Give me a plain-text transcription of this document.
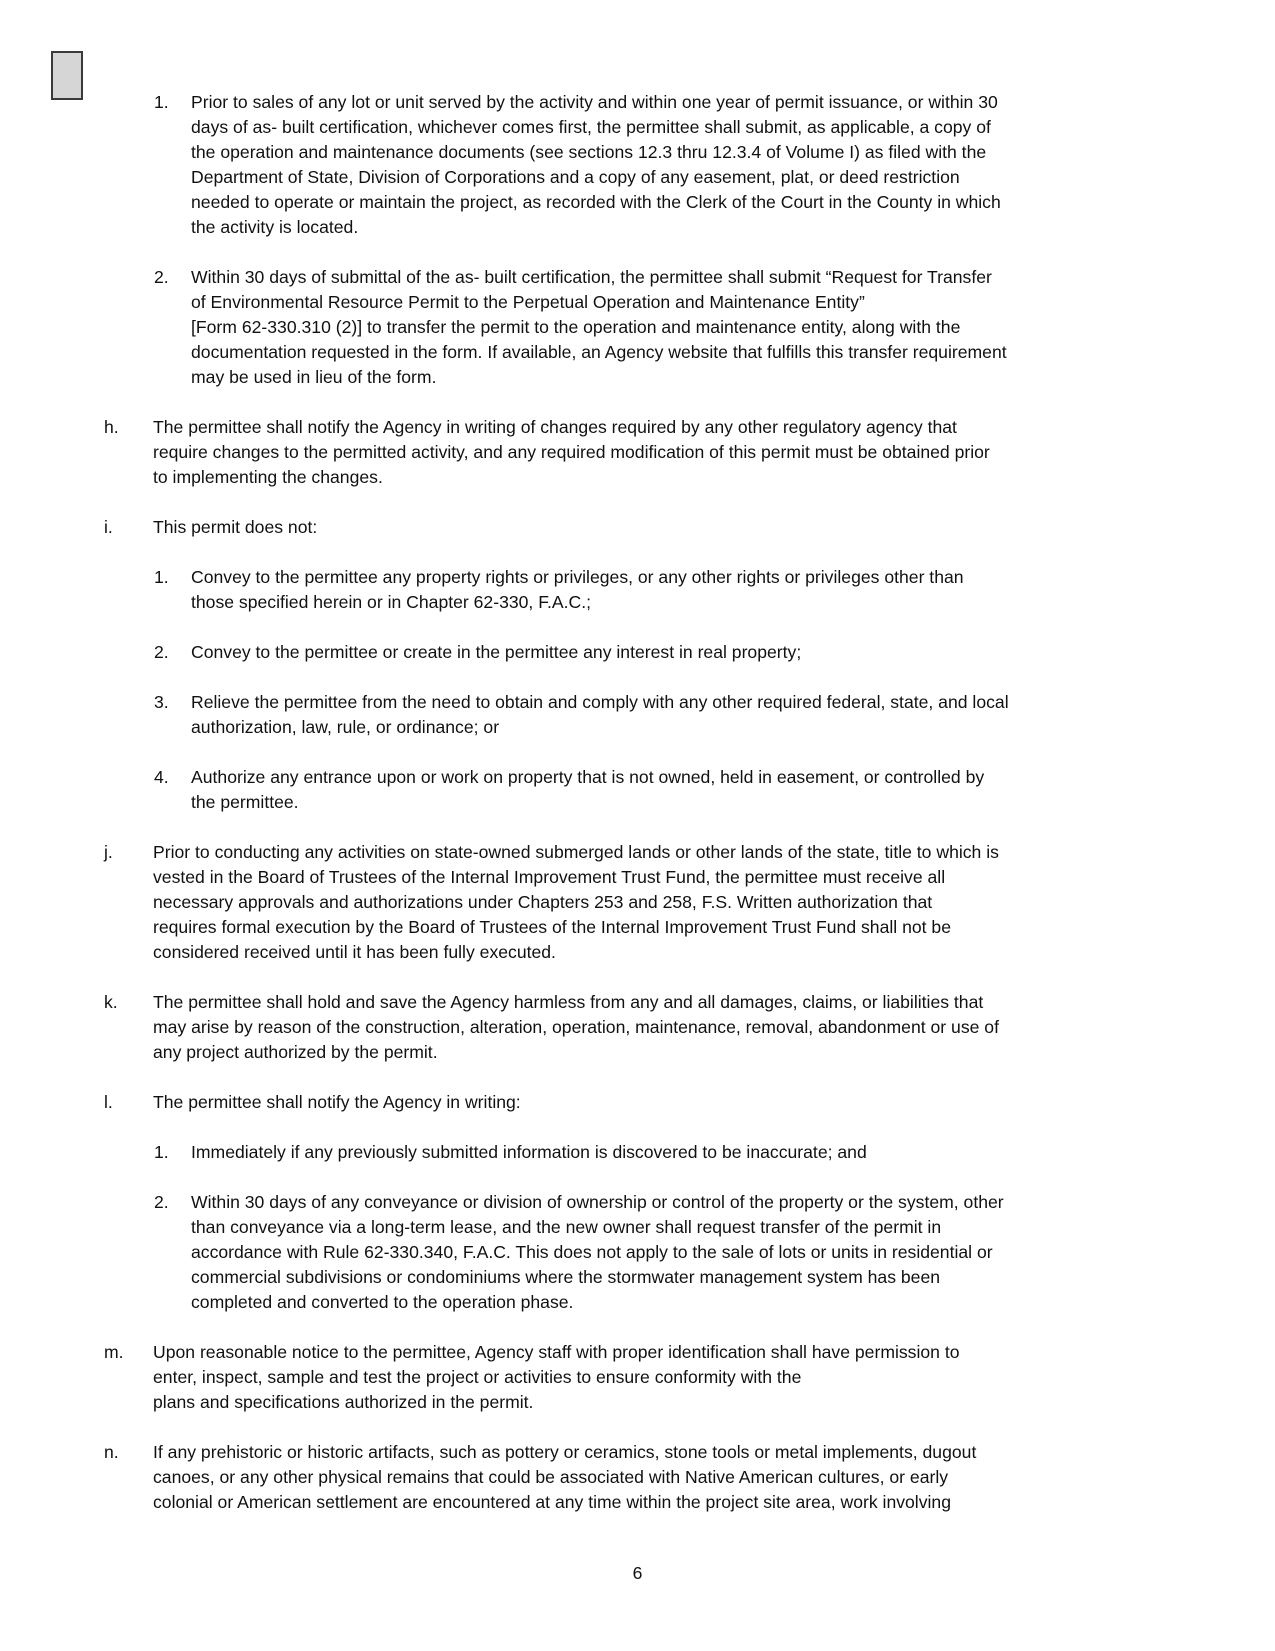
1. Prior to sales of any lot or unit served by the activity and within one year of permit issuance, or within 30
days of as- built certification, whichever comes first, the permittee shall submit, as applicable, a copy of
the operation and maintenance documents (see sections 12.3 thru 12.3.4 of Volume I) as filed with the
Department of State, Division of Corporations and a copy of any easement, plat, or deed restriction
needed to operate or maintain the project, as recorded with the Clerk of the Court in the County in which
the activity is located.
2. Within 30 days of submittal of the as- built certification, the permittee shall submit “Request for Transfer
of Environmental Resource Permit to the Perpetual Operation and Maintenance Entity”
[Form 62-330.310 (2)] to transfer the permit to the operation and maintenance entity, along with the
documentation requested in the form. If available, an Agency website that fulfills this transfer requirement
may be used in lieu of the form.
h. The permittee shall notify the Agency in writing of changes required by any other regulatory agency that
require changes to the permitted activity, and any required modification of this permit must be obtained prior
to implementing the changes.
i. This permit does not:
1. Convey to the permittee any property rights or privileges, or any other rights or privileges other than
those specified herein or in Chapter 62-330, F.A.C.;
2. Convey to the permittee or create in the permittee any interest in real property;
3. Relieve the permittee from the need to obtain and comply with any other required federal, state, and local
authorization, law, rule, or ordinance; or
4. Authorize any entrance upon or work on property that is not owned, held in easement, or controlled by
the permittee.
j. Prior to conducting any activities on state-owned submerged lands or other lands of the state, title to which is
vested in the Board of Trustees of the Internal Improvement Trust Fund, the permittee must receive all
necessary approvals and authorizations under Chapters 253 and 258, F.S. Written authorization that
requires formal execution by the Board of Trustees of the Internal Improvement Trust Fund shall not be
considered received until it has been fully executed.
k. The permittee shall hold and save the Agency harmless from any and all damages, claims, or liabilities that
may arise by reason of the construction, alteration, operation, maintenance, removal, abandonment or use of
any project authorized by the permit.
l. The permittee shall notify the Agency in writing:
1. Immediately if any previously submitted information is discovered to be inaccurate; and
2. Within 30 days of any conveyance or division of ownership or control of the property or the system, other
than conveyance via a long-term lease, and the new owner shall request transfer of the permit in
accordance with Rule 62-330.340, F.A.C. This does not apply to the sale of lots or units in residential or
commercial subdivisions or condominiums where the stormwater management system has been
completed and converted to the operation phase.
m. Upon reasonable notice to the permittee, Agency staff with proper identification shall have permission to
enter, inspect, sample and test the project or activities to ensure conformity with the
plans and specifications authorized in the permit.
n. If any prehistoric or historic artifacts, such as pottery or ceramics, stone tools or metal implements, dugout
canoes, or any other physical remains that could be associated with Native American cultures, or early
colonial or American settlement are encountered at any time within the project site area, work involving
6
